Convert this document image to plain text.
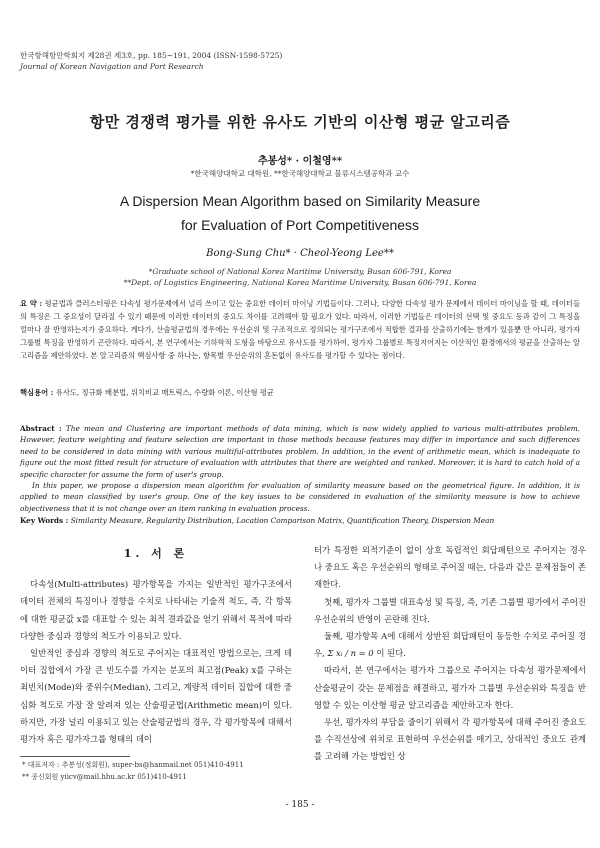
한국항해항만학회지 제28권 제3호, pp. 185~191, 2004 (ISSN-1598-5725)
Journal of Korean Navigation and Port Research
항만 경쟁력 평가를 위한 유사도 기반의 이산형 평균 알고리즘
추봉성* · 이철영**
*한국해양대학교 대학원, **한국해양대학교 물류시스템공학과 교수
A Dispersion Mean Algorithm based on Similarity Measure
for Evaluation of Port Competitiveness
Bong-Sung Chu* · Cheol-Yeong Lee**
*Graduate school of National Korea Maritime University, Busan 606-791, Korea
**Dept. of Logistics Engineering, National Korea Maritime University, Busan 606-791, Korea
요 약 : 평균법과 클러스터링은 다속성 평가문제에서 널리 쓰이고 있는 중요한 데이터 마이닝 기법들이다. 그러나, 다양한 다속성 평가 문제에서 데이터 마이닝을 할 때, 데이터들의 특징은 그 중요성이 달라질 수 있기 때문에 이러한 데이터의 중요도 차이를 고려해야 할 필요가 있다. 따라서, 이러한 기법들은 데이터의 선택 및 중요도 등과 같이 그 특징을 얼마나 잘 반영하는지가 중요하다. 게다가, 산술평균법의 경우에는 우선순위 및 구조적으로 정의되는 평가구조에서 적합한 결과를 산출하기에는 한계가 있음뿐 만 아니라, 평가자 그룹별 특징을 반영하기 곤란하다. 따라서, 본 연구에서는 기하학적 도형을 바탕으로 유사도를 평가하여, 평가자 그룹별로 특징지어지는 이산적인 환경에서의 평균을 산출하는 알고리즘을 제안하였다. 본 알고리즘의 핵심사항 중 하나는, 항목별 우선순위의 혼돈없이 유사도를 평가할 수 있다는 점이다.
핵심용어 : 유사도, 정규화 배분법, 위치비교 매트릭스, 수량화 이론, 이산형 평균

Abstract : The mean and Clustering are important methods of data mining, which is now widely applied to various multi-attributes problem. However, feature weighting and feature selection are important in those methods because features may differ in importance and such differences need to be considered in data mining with various multiful-attributes problem. In addition, in the event of arithmetic mean, which is inadequate to figure out the most fitted result for structure of evaluation with attributes that there are weighted and ranked. Moreover, it is hard to catch hold of a specific character for assume the form of user's group.

In this paper, we propose a dispersion mean algorithm for evaluation of similarity measure based on the geometrical figure. In addition, it is applied to mean classified by user's group. One of the key issues to be considered in evaluation of the similarity measure is how to achieve objectiveness that it is not change over an item ranking in evaluation process.

Key Words : Similarity Measure, Regularity Distribution, Location Comparison Matrix, Quantification Theory, Dispersion Mean
1. 서 론

다속성(Multi-attributes) 평가항목을 가지는 일반적인 평가구조에서 데이터 전체의 특징이나 경향을 수치로 나타내는 기술적 척도, 즉, 각 항목에 대한 평균값 x를 대표할 수 있는 최적 결과값을 얻기 위해서 목적에 따라 다양한 중심과 경향의 척도가 이용되고 있다.

일반적인 중심과 경향의 척도로 주어지는 대표적인 방법으로는, 크게 데이터 집합에서 가장 큰 빈도수를 가지는 분포의 최고점(Peak) x를 구하는 최빈치(Mode)와 중위수(Median), 그리고, 계량적 데이터 집합에 대한 중심화 척도로 가장 잘 알려져 있는 산술평균법(Arithmetic mean)이 있다. 하지만, 가장 널리 이용되고 있는 산술평균법의 경우, 각 평가항목에 대해서 평가자 혹은 평가자그룹 형태의 데이

터가 특정한 외적기준이 없이 상호 독립적인 회답패턴으로 주어지는 경우나 중요도 혹은 우선순위의 형태로 주어질 때는, 다음과 같은 문제점들이 존재한다.

첫째, 평가자 그룹별 대표속성 및 특징, 즉, 기존 그룹별 평가에서 주어진 우선순위의 반영이 곤란해 진다.

둘째, 평가항목 A에 대해서 상반된 회답패턴이 동등한 수치로 주어질 경우, Σ xᵢ / n = 0 이 된다.

따라서, 본 연구에서는 평가자 그룹으로 주어지는 다속성 평가문제에서 산술평균이 갖는 문제점을 해결하고, 평가자 그룹별 우선순위와 특징을 반영할 수 있는 이산형 평균 알고리즘을 제안하고자 한다.

우선, 평가자의 부담을 줄이기 위해서 각 평가항목에 대해 주어진 중요도를 수직선상에 위치로 표현하여 우선순위를 매기고, 상대적인 중요도 관계를 고려해 가는 방법인 상

* 대표저자 : 추봉성(정회원), super-bs@hanmail.net 051)410-4911
** 종신회원 yiicv@mail.hhu.ac.kr 051)410-4911
- 185 -
